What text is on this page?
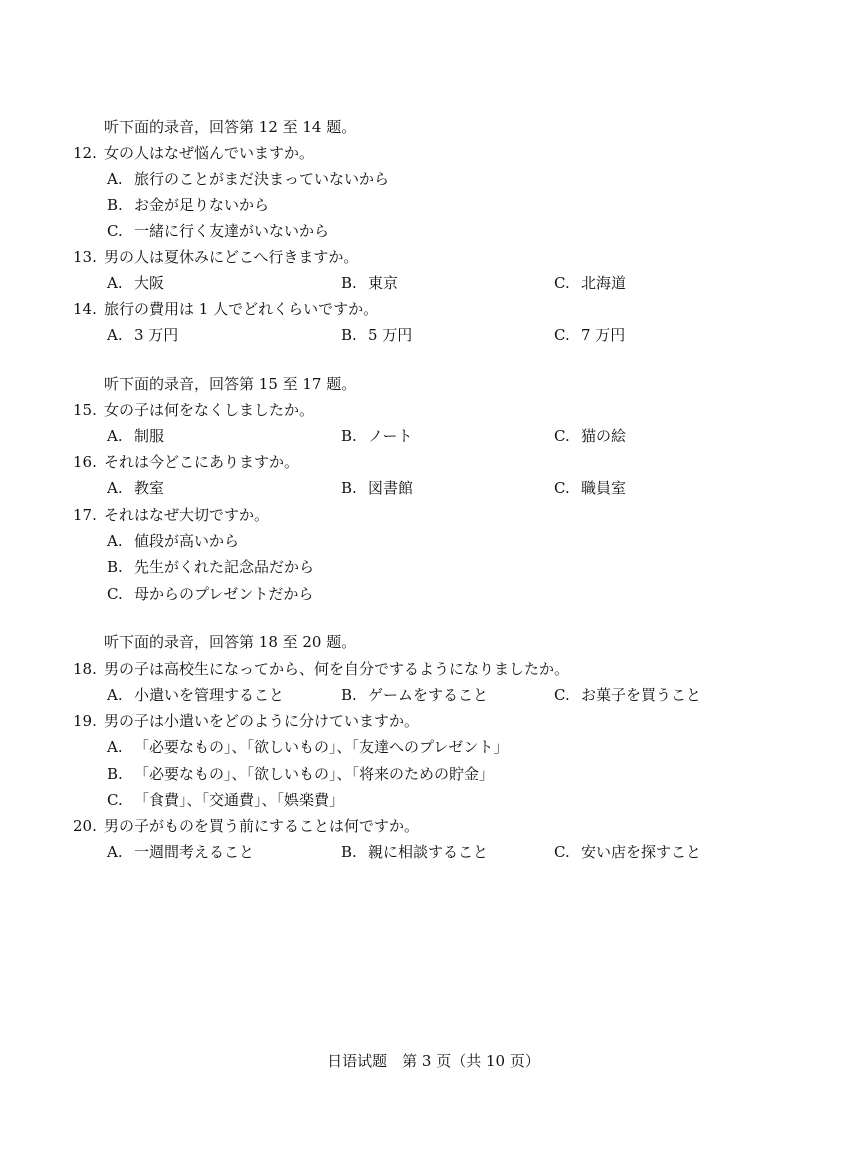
听下面的录音，回答第 12 至 14 题。
12. 女の人はなぜ悩んでいますか。
A. 旅行のことがまだ決まっていないから
B. お金が足りないから
C. 一緒に行く友達がいないから
13. 男の人は夏休みにどこへ行きますか。
A. 大阪	B. 東京	C. 北海道
14. 旅行の費用は 1 人でどれくらいですか。
A. 3 万円	B. 5 万円	C. 7 万円
听下面的录音，回答第 15 至 17 题。
15. 女の子は何をなくしましたか。
A. 制服	B. ノート	C. 猫の絵
16. それは今どこにありますか。
A. 教室	B. 図書館	C. 職員室
17. それはなぜ大切ですか。
A. 値段が高いから
B. 先生がくれた記念品だから
C. 母からのプレゼントだから
听下面的录音，回答第 18 至 20 题。
18. 男の子は高校生になってから、何を自分でするようになりましたか。
A. 小遣いを管理すること	B. ゲームをすること	C. お菓子を買うこと
19. 男の子は小遣いをどのように分けていますか。
A. 「必要なもの」、「欲しいもの」、「友達へのプレゼント」
B. 「必要なもの」、「欲しいもの」、「将来のための貯金」
C. 「食費」、「交通費」、「娯楽費」
20. 男の子がものを買う前にすることは何ですか。
A. 一週間考えること	B. 親に相談すること	C. 安い店を探すこと
日语试题　第 3 页（共 10 页）
